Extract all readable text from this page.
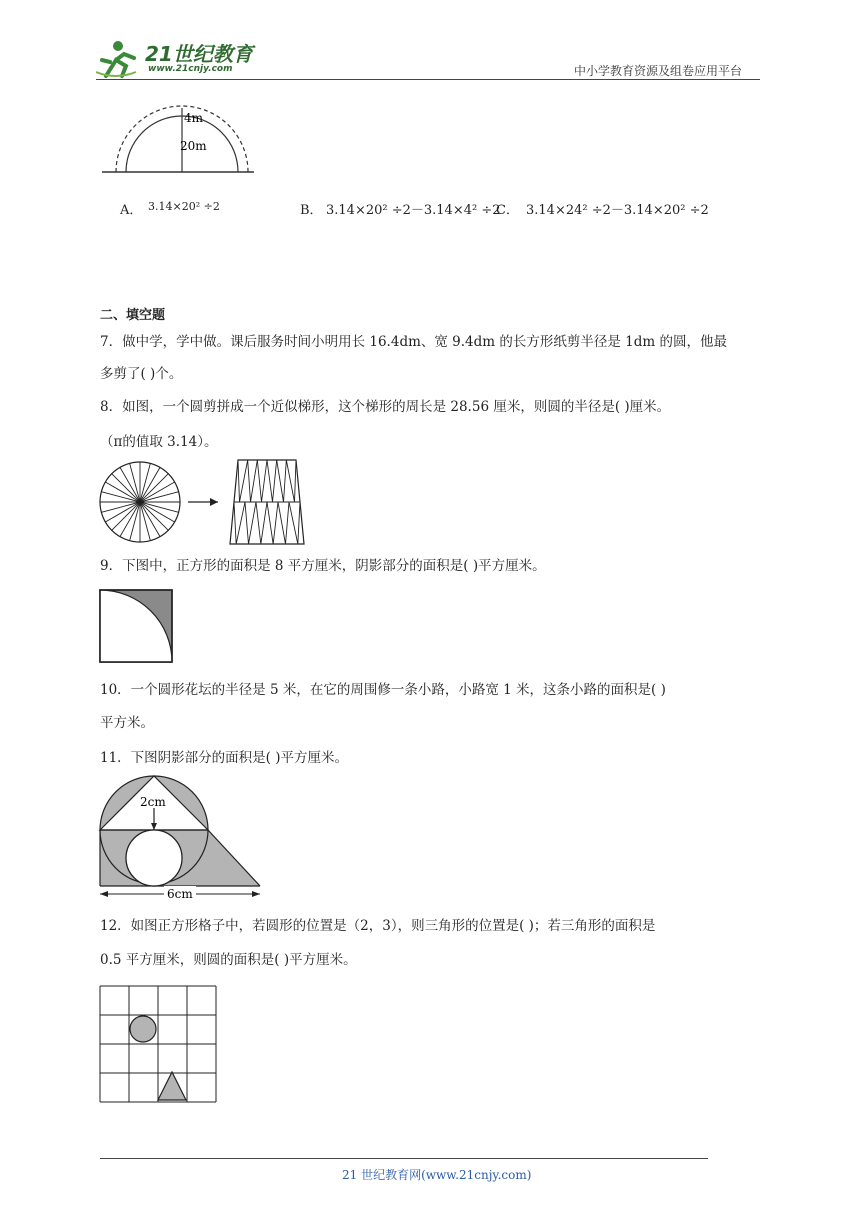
21世纪教育
www.21cnjy.com	中小学教育资源及组卷应用平台
4m
20m
A． 3.14×20² ÷2	B． 3.14×20² ÷2－3.14×4² ÷2
C． 3.14×24² ÷2－3.14×20² ÷2
二、填空题
7．做中学，学中做。课后服务时间小明用长 16.4dm、宽 9.4dm 的长方形纸剪半径是 1dm 的圆，他最
多剪了( )个。
8．如图，一个圆剪拼成一个近似梯形，这个梯形的周长是 28.56 厘米，则圆的半径是( )厘米。
（π的值取 3.14）。
9．下图中，正方形的面积是 8 平方厘米，阴影部分的面积是( )平方厘米。
10．一个圆形花坛的半径是 5 米，在它的周围修一条小路，小路宽 1 米，这条小路的面积是( )
平方米。
11．下图阴影部分的面积是( )平方厘米。
2cm
6cm
12．如图正方形格子中，若圆形的位置是（2，3），则三角形的位置是( )；若三角形的面积是
0.5 平方厘米，则圆的面积是( )平方厘米。
21 世纪教育网(www.21cnjy.com)
